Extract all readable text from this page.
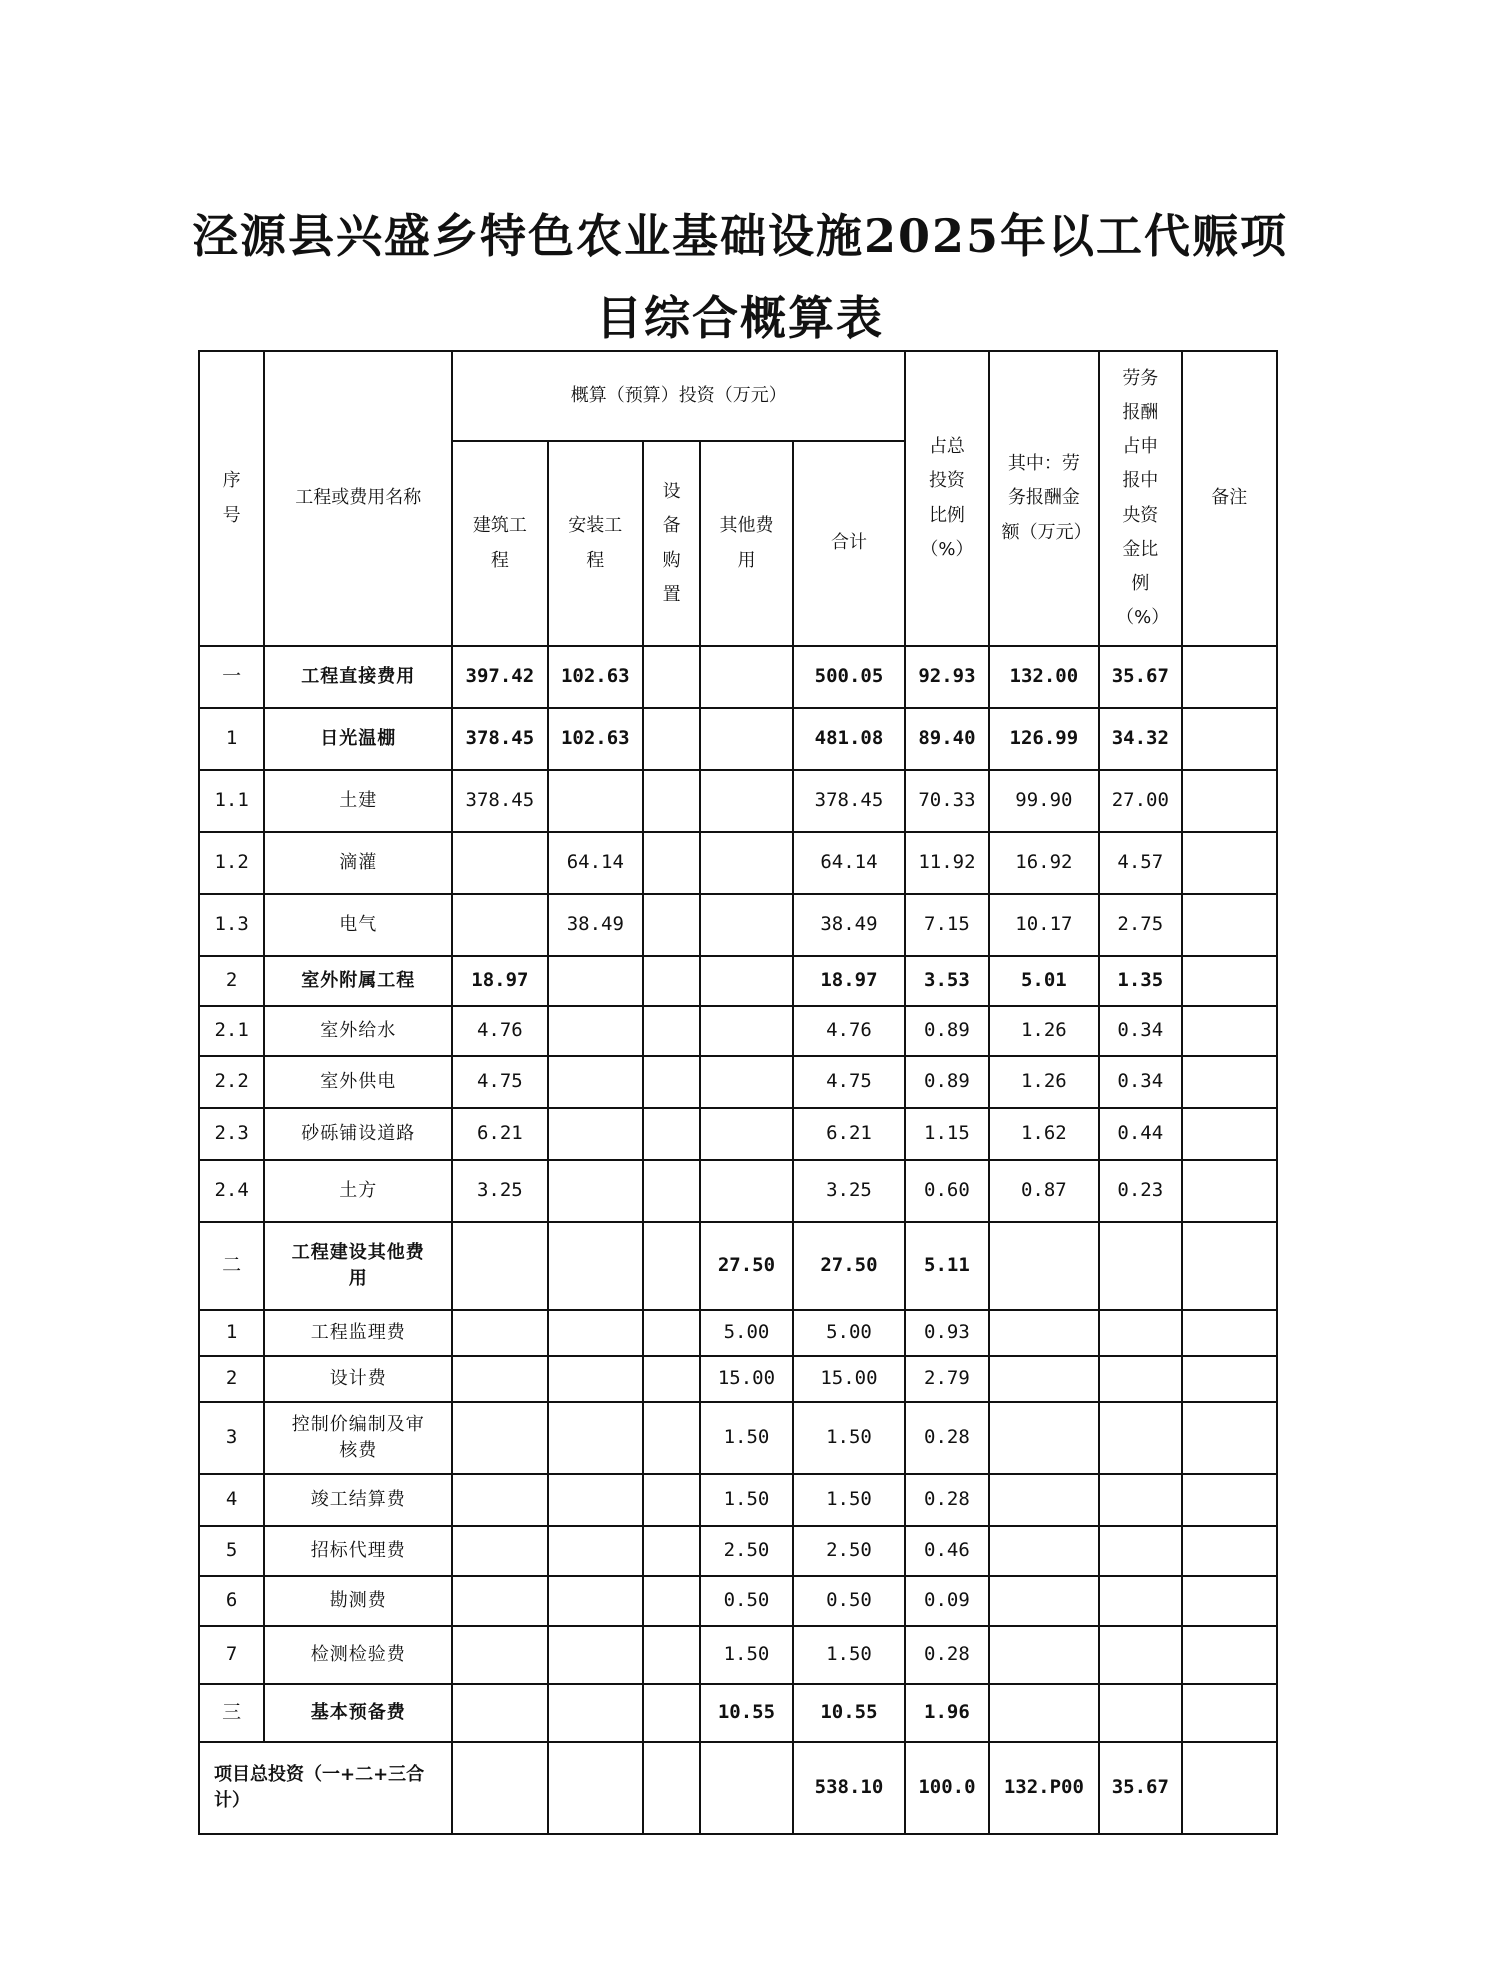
泾源县兴盛乡特色农业基础设施2025年以工代赈项
目综合概算表
序号	工程或费用名称	概算（预算）投资（万元）					占总投资比例（%）	其中：劳务报酬金额（万元）	劳务报酬占申报中央资金比例（%）	备注
		建筑工程	安装工程	设备购置	其他费用	合计				
一	工程直接费用	397.42	102.63			500.05	92.93	132.00	35.67	
1	日光温棚	378.45	102.63			481.08	89.40	126.99	34.32	
1.1	土建	378.45				378.45	70.33	99.90	27.00	
1.2	滴灌		64.14			64.14	11.92	16.92	4.57	
1.3	电气		38.49			38.49	7.15	10.17	2.75	
2	室外附属工程	18.97				18.97	3.53	5.01	1.35	
2.1	室外给水	4.76				4.76	0.89	1.26	0.34	
2.2	室外供电	4.75				4.75	0.89	1.26	0.34	
2.3	砂砾铺设道路	6.21				6.21	1.15	1.62	0.44	
2.4	土方	3.25				3.25	0.60	0.87	0.23	
二	工程建设其他费用				27.50	27.50	5.11			
1	工程监理费				5.00	5.00	0.93			
2	设计费				15.00	15.00	2.79			
3	控制价编制及审核费				1.50	1.50	0.28			
4	竣工结算费				1.50	1.50	0.28			
5	招标代理费				2.50	2.50	0.46			
6	勘测费				0.50	0.50	0.09			
7	检测检验费				1.50	1.50	0.28			
三	基本预备费				10.55	10.55	1.96			
项目总投资（一+二+三合计）						538.10	100.0	132.P00	35.67	
